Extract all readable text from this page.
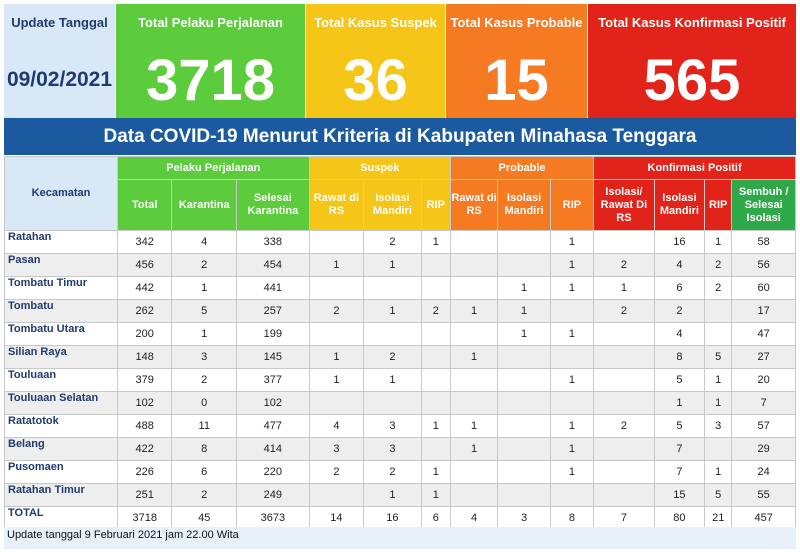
Update Tanggal
09/02/2021
Total Pelaku Perjalanan
3718
Total Kasus Suspek
36
Total Kasus Probable
15
Total Kasus Konfirmasi Positif
565
Data COVID-19 Menurut Kriteria di Kabupaten Minahasa Tenggara
Kecamatan	Pelaku Perjalanan			Suspek			Probable			Konfirmasi Positif			
	Total	Karantina	Selesai Karantina	Rawat di RS	Isolasi Mandiri	RIP	Rawat di RS	Isolasi Mandiri	RIP	Isolasi/ Rawat Di RS	Isolasi Mandiri	RIP	Sembuh / Selesai Isolasi
Ratahan	342	4	338		2	1			1		16	1	58
Pasan	456	2	454	1	1				1	2	4	2	56
Tombatu Timur	442	1	441					1	1	1	6	2	60
Tombatu	262	5	257	2	1	2	1	1		2	2		17
Tombatu Utara	200	1	199					1	1		4		47
Silian Raya	148	3	145	1	2		1				8	5	27
Touluaan	379	2	377	1	1				1		5	1	20
Touluaan Selatan	102	0	102								1	1	7
Ratatotok	488	11	477	4	3	1	1		1	2	5	3	57
Belang	422	8	414	3	3		1		1		7		29
Pusomaen	226	6	220	2	2	1			1		7	1	24
Ratahan Timur	251	2	249		1	1					15	5	55
TOTAL	3718	45	3673	14	16	6	4	3	8	7	80	21	457
Update tanggal 9 Februari 2021 jam 22.00 Wita
